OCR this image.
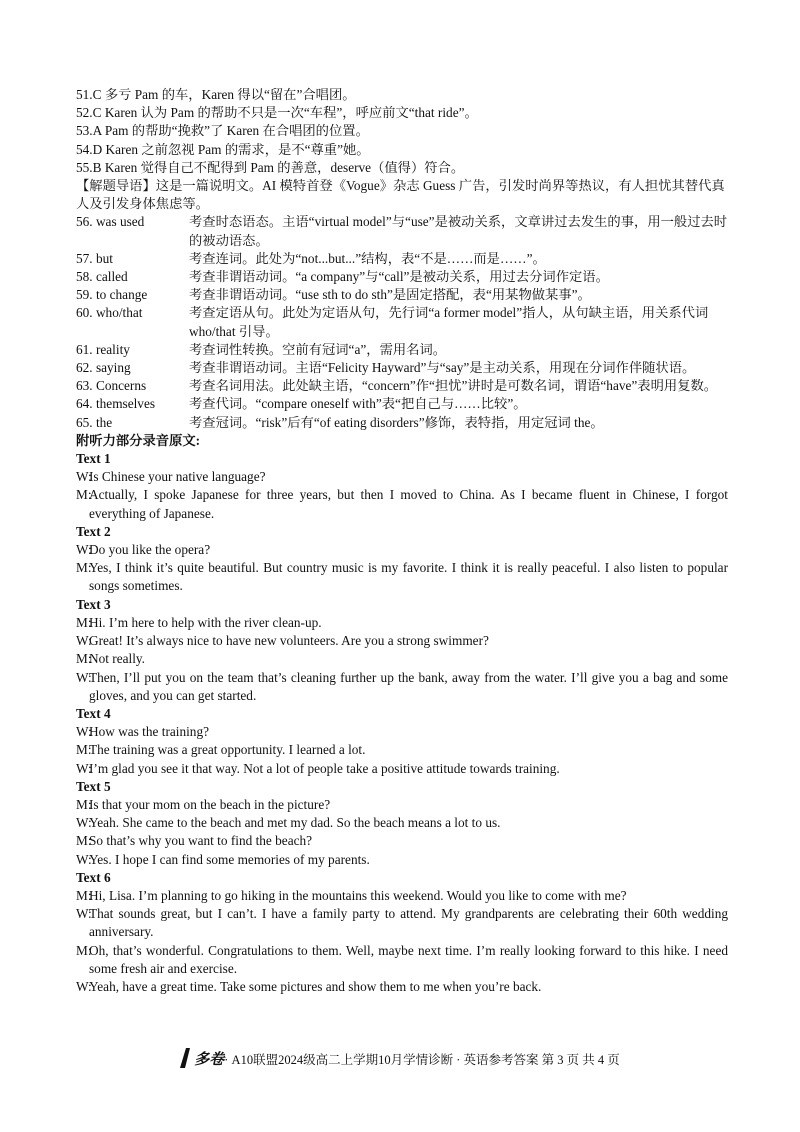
51.C 多亏 Pam 的车，Karen 得以“留在”合唱团。
52.C Karen 认为 Pam 的帮助不只是一次“车程”，呼应前文“that ride”。
53.A Pam 的帮助“挽救”了 Karen 在合唱团的位置。
54.D Karen 之前忽视 Pam 的需求，是不“尊重”她。
55.B Karen 觉得自己不配得到 Pam 的善意，deserve（值得）符合。
【解题导语】这是一篇说明文。AI 模特首登《Vogue》杂志 Guess 广告，引发时尚界等热议，有人担忧其替代真人及引发身体焦虑等。
56. was used	考查时态语态。主语“virtual model”与“use”是被动关系，文章讲过去发生的事，用一般过去时的被动语态。
57. but	考查连词。此处为“not...but...”结构，表“不是……而是……”。
58. called	考查非谓语动词。“a company”与“call”是被动关系，用过去分词作定语。
59. to change	考查非谓语动词。“use sth to do sth”是固定搭配，表“用某物做某事”。
60. who/that	考查定语从句。此处为定语从句，先行词“a former model”指人，从句缺主语，用关系代词 who/that 引导。
61. reality	考查词性转换。空前有冠词“a”，需用名词。
62. saying	考查非谓语动词。主语“Felicity Hayward”与“say”是主动关系，用现在分词作伴随状语。
63. Concerns	考查名词用法。此处缺主语，“concern”作“担忧”讲时是可数名词，谓语“have”表明用复数。
64. themselves	考查代词。“compare oneself with”表“把自己与……比较”。
65. the	考查冠词。“risk”后有“of eating disorders”修饰，表特指，用定冠词 the。
附听力部分录音原文:
Text 1
W:
Is Chinese your native language?
M:
Actually, I spoke Japanese for three years, but then I moved to China. As I became fluent in Chinese, I forgot everything of Japanese.
Text 2
W:
Do you like the opera?
M:
Yes, I think it’s quite beautiful. But country music is my favorite. I think it is really peaceful. I also listen to popular songs sometimes.
Text 3
M:
Hi. I’m here to help with the river clean-up.
W:
Great! It’s always nice to have new volunteers. Are you a strong swimmer?
M:
Not really.
W:
Then, I’ll put you on the team that’s cleaning further up the bank, away from the water. I’ll give you a bag and some gloves, and you can get started.
Text 4
W:
How was the training?
M:
The training was a great opportunity. I learned a lot.
W:
I’m glad you see it that way. Not a lot of people take a positive attitude towards training.
Text 5
M:
Is that your mom on the beach in the picture?
W:
Yeah. She came to the beach and met my dad. So the beach means a lot to us.
M:
So that’s why you want to find the beach?
W:
Yes. I hope I can find some memories of my parents.
Text 6
M:
Hi, Lisa. I’m planning to go hiking in the mountains this weekend. Would you like to come with me?
W:
That sounds great, but I can’t. I have a family party to attend. My grandparents are celebrating their 60th wedding anniversary.
M:
Oh, that’s wonderful. Congratulations to them. Well, maybe next time. I’m really looking forward to this hike. I need some fresh air and exercise.
W:
Yeah, have a great time. Take some pictures and show them to me when you’re back.
多卷· A10联盟2024级高二上学期10月学情诊断 · 英语参考答案 第 3 页 共 4 页
